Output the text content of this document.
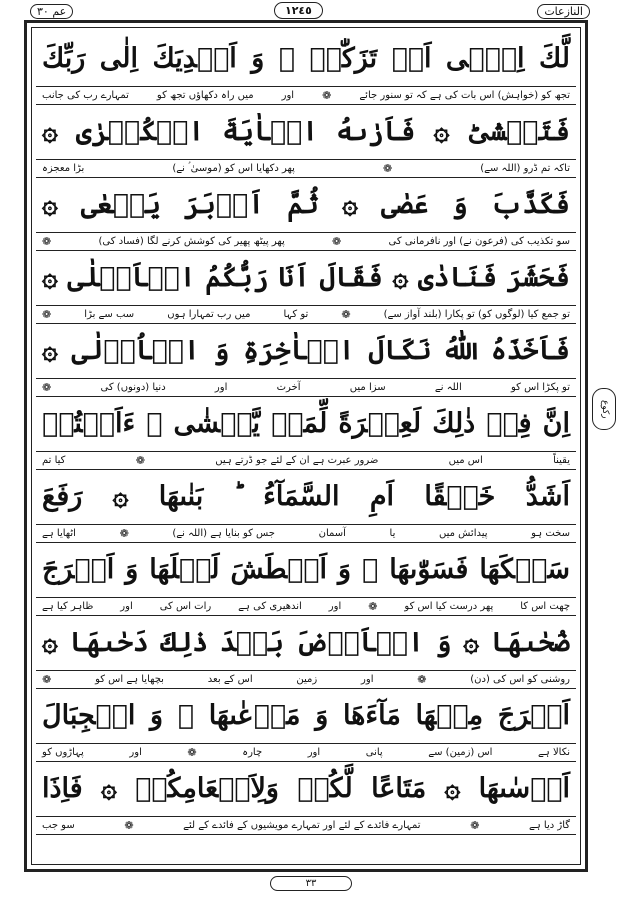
عم ٣٠	١٢٤٥	النازعات
رکوع
لَّكَ اِلٰۤى اَنۡ تَزَكّٰىۙ ۞ وَ اَهۡدِيَكَ اِلٰى رَبِّكَ
تجھ کو (خواہش) اس بات کی ہے کہ تو سنور جائے
❁
اور
میں راہ دکھاؤں تجھ کو
تمہارے رب کی جانب
فَتَخۡشٰىؕ ۞ فَاَرٰىهُ الۡاٰيَةَ الۡكُبۡرٰى ۞
تاکہ تم ڈرو (اللہ سے)
❁
پھر دکھایا اس کو (موسیٰ ؑ نے)
بڑا معجزہ
فَكَذَّبَ وَ عَصٰى ۞ ثُمَّ اَدۡبَرَ يَسۡعٰى ۞
سو تکذیب کی (فرعون نے) اور نافرمانی کی
❁
پھر پیٹھ پھیر کی کوشش کرنے لگا (فساد کی)
❁
فَحَشَرَ فَنَادٰى ۞ فَقَالَ اَنَا رَبُّكُمُ الۡاَعۡلٰى ۞
تو جمع کیا (لوگوں کو) تو پکارا (بلند آواز سے)
❁
تو کہا
میں رب تمہارا ہوں
سب سے بڑا
❁
فَاَخَذَهُ اللّٰهُ نَكَالَ الۡاٰخِرَةِ وَ الۡاُوۡلٰى ۞
تو پکڑا اس کو
اللہ نے
سزا میں
آخرت
اور
دنیا (دونوں) کی
❁
اِنَّ فِىۡ ذٰلِكَ لَعِبۡرَةً لِّمَنۡ يَّخۡشٰى ۞ ءَاَنۡتُمۡ
یقیناً
اس میں
ضرور عبرت ہے ان کے لئے جو ڈرتے ہیں
❁
کیا تم
اَشَدُّ خَلۡقًا اَمِ السَّمَآءُ ؕ بَنٰٮهَا ۞ رَفَعَ
سخت ہو
پیدائش میں
یا
آسمان
جس کو بنایا ہے (اللہ نے)
❁
اٹھایا ہے
سَمۡكَهَا فَسَوّٰٮهَا ۞ وَ اَغۡطَشَ لَيۡلَهَا وَ اَخۡرَجَ
چھت اس کا
پھر درست کیا اس کو
❁
اور
اندھیری کی ہے
رات اس کی
اور
ظاہر کیا ہے
ضُحٰٮهَا ۞ وَ الۡاَرۡضَ بَعۡدَ ذٰلِكَ دَحٰٮهَا ۞
روشنی کو اس کی (دن)
❁
اور
زمین
اس کے بعد
بچھایا ہے اس کو
❁
اَخۡرَجَ مِنۡهَا مَآءَهَا وَ مَرۡعٰٮهَا ۞ وَ الۡجِبَالَ
نکالا ہے
اس (زمین) سے
پانی
اور
چارہ
❁
اور
پہاڑوں کو
اَرۡسٰٮهَا ۞ مَتَاعًا لَّكُمۡ وَلِاَنۡعَامِكُمۡ ۞ فَاِذَا
گاڑ دیا ہے
❁
تمہارے فائدے کے لئے اور تمہارے مویشیوں کے فائدے کے لئے
❁
سو جب
٣٣
